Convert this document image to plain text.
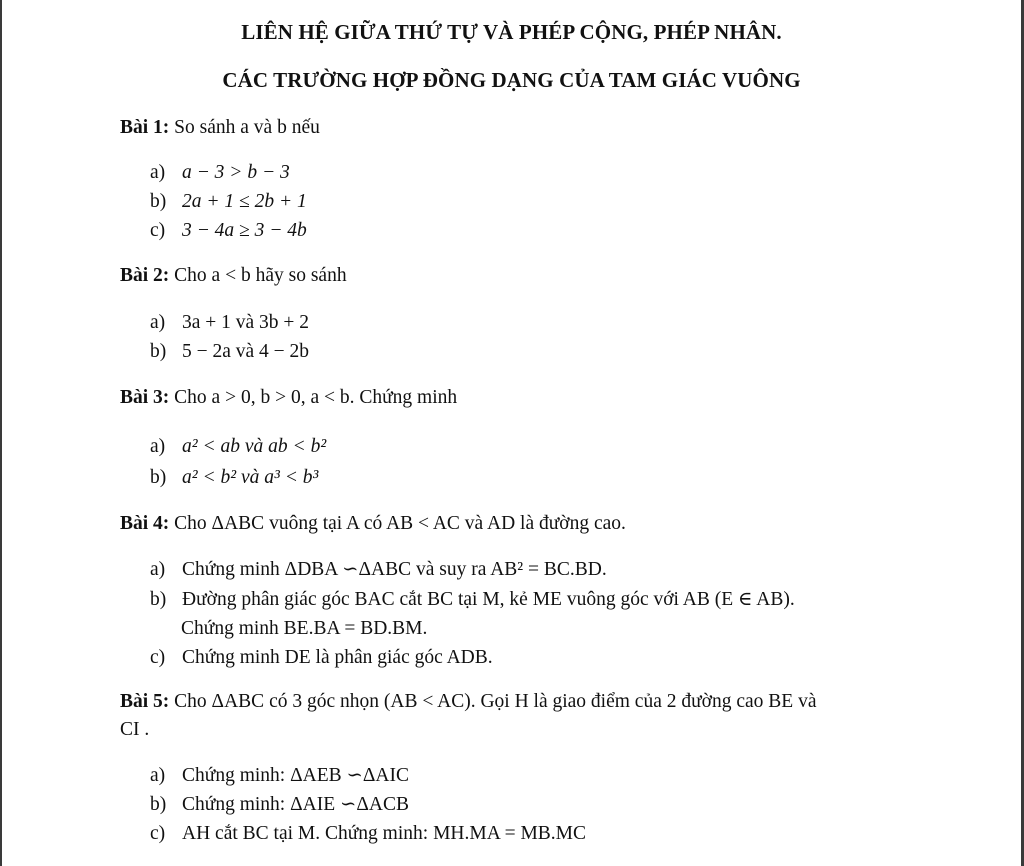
LIÊN HỆ GIỮA THỨ TỰ VÀ PHÉP CỘNG, PHÉP NHÂN.
CÁC TRƯỜNG HỢP ĐỒNG DẠNG CỦA TAM GIÁC VUÔNG
Bài 1: So sánh a và b nếu
a) a − 3 > b − 3
b) 2a + 1 ≤ 2b + 1
c) 3 − 4a ≥ 3 − 4b
Bài 2: Cho a < b hãy so sánh
a) 3a + 1 và 3b + 2
b) 5 − 2a và 4 − 2b
Bài 3: Cho a > 0, b > 0, a < b. Chứng minh
a) a² < ab và ab < b²
b) a² < b² và a³ < b³
Bài 4: Cho ΔABC vuông tại A có AB < AC và AD là đường cao.
a) Chứng minh ΔDBA ∽ΔABC và suy ra AB² = BC.BD.
b) Đường phân giác góc BAC cắt BC tại M, kẻ ME vuông góc với AB (E ∈ AB).
Chứng minh BE.BA = BD.BM.
c) Chứng minh DE là phân giác góc ADB.
Bài 5: Cho ΔABC có 3 góc nhọn (AB < AC). Gọi H là giao điểm của 2 đường cao BE và
CI .
a) Chứng minh: ΔAEB ∽ΔAIC
b) Chứng minh: ΔAIE ∽ΔACB
c) AH cắt BC tại M. Chứng minh: MH.MA = MB.MC
